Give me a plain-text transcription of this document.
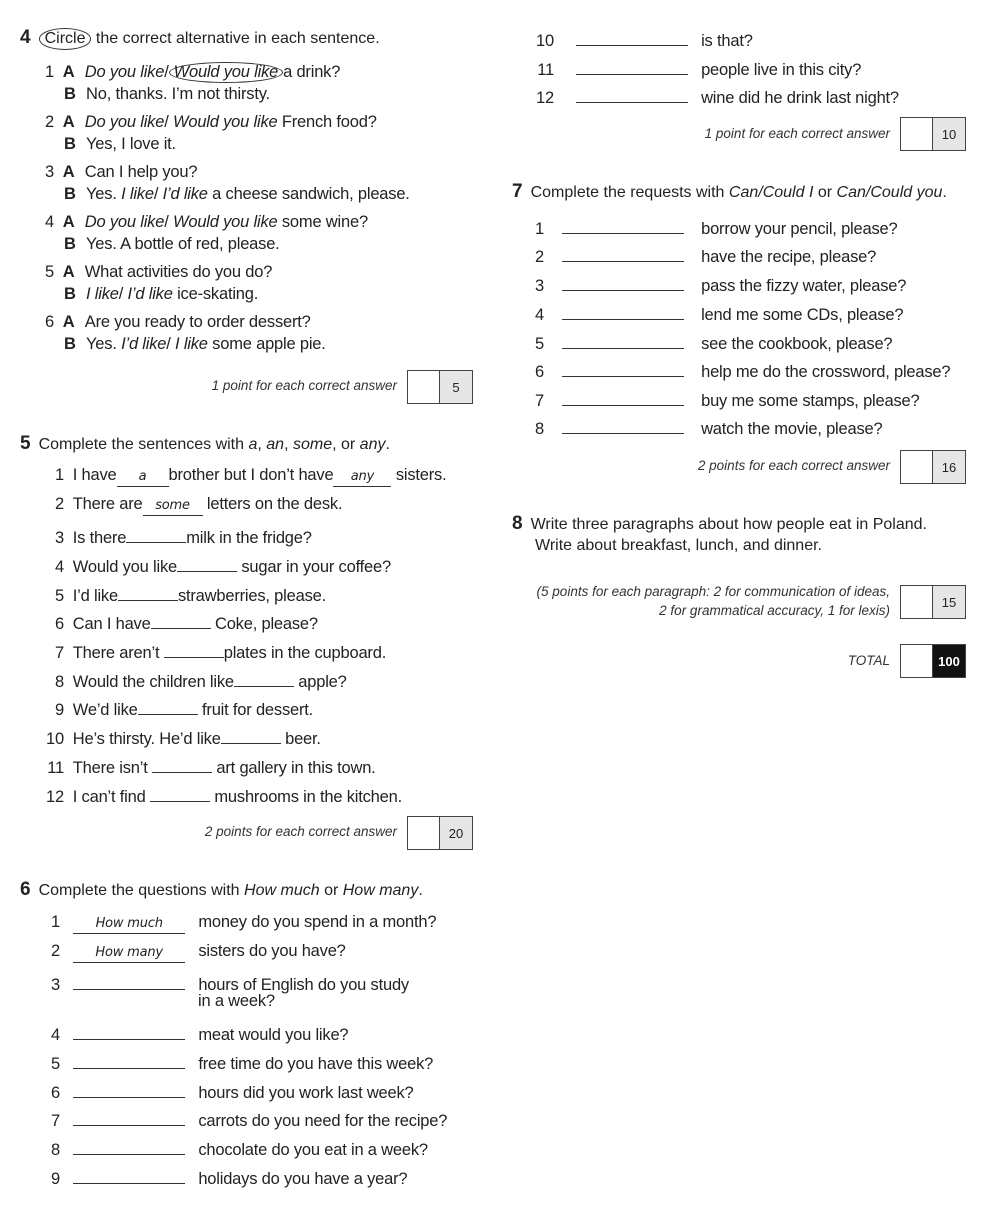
4 Circle the correct alternative in each sentence.
1 A Do you like/ Would you like a drink?
B No, thanks. I’m not thirsty.
2 A Do you like/ Would you like French food?
B Yes, I love it.
3 A Can I help you?
B Yes. I like/ I’d like a cheese sandwich, please.
4 A Do you like/ Would you like some wine?
B Yes. A bottle of red, please.
5 A What activities do you do?
B I like/ I’d like ice-skating.
6 A Are you ready to order dessert?
B Yes. I’d like/ I like some apple pie.
1 point for each correct answer	5
5 Complete the sentences with a, an, some, or any.
1 I have a brother but I don’t have any sisters.
2 There are some letters on the desk.
3 Is there	milk in the fridge?
4 Would you like	sugar in your coffee?
5 I’d like	strawberries, please.
6 Can I have	Coke, please?
7 There aren’t	plates in the cupboard.
8 Would the children like	apple?
9 We’d like	fruit for dessert.
10 He’s thirsty. He’d like	beer.
11 There isn’t	art gallery in this town.
12 I can’t find	mushrooms in the kitchen.
2 points for each correct answer	20
6 Complete the questions with How much or How many.
1	How much money do you spend in a month?
2	How many sisters do you have?
3	hours of English do you study
in a week?
4	meat would you like?
5	free time do you have this week?
6	hours did you work last week?
7	carrots do you need for the recipe?
8	chocolate do you eat in a week?
9	holidays do you have a year?
10	is that?
11	people live in this city?
12	wine did he drink last night?
1 point for each correct answer	10
7 Complete the requests with Can/Could I or Can/Could you.
1	borrow your pencil, please?
2	have the recipe, please?
3	pass the fizzy water, please?
4	lend me some CDs, please?
5	see the cookbook, please?
6	help me do the crossword, please?
7	buy me some stamps, please?
8	watch the movie, please?
2 points for each correct answer	16
8 Write three paragraphs about how people eat in Poland.
Write about breakfast, lunch, and dinner.
(5 points for each paragraph: 2 for communication of ideas,
2 for grammatical accuracy, 1 for lexis)
15
TOTAL	100
